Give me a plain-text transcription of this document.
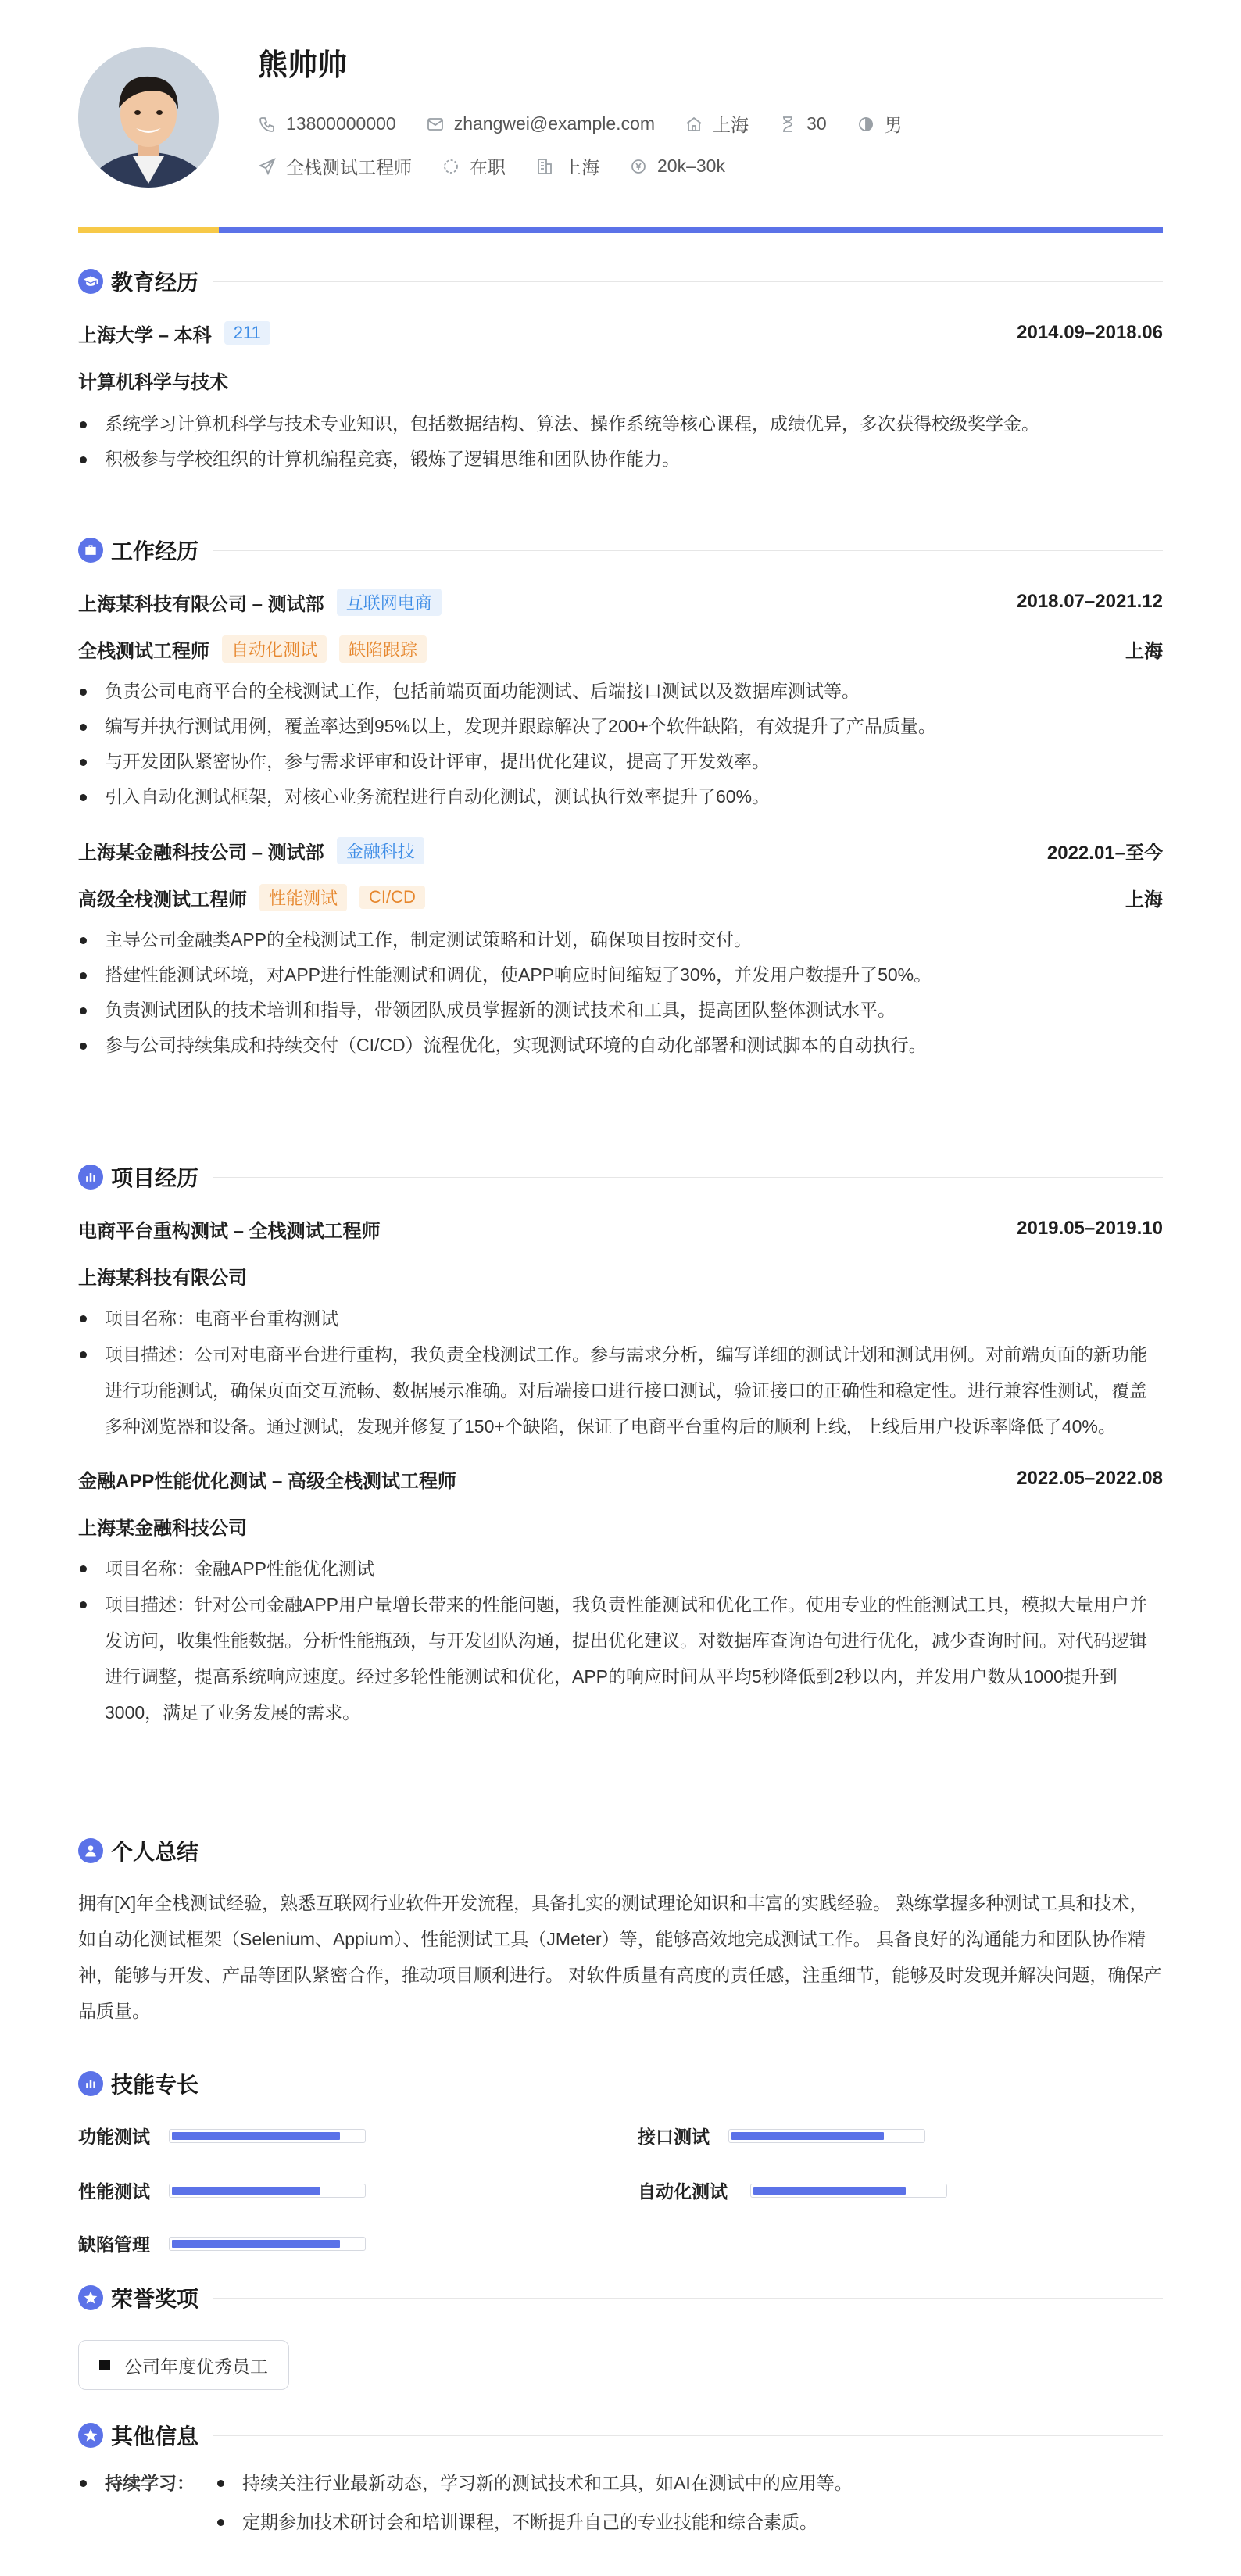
熊帅帅
13800000000	zhangwei@example.com	上海	30	男
全栈测试工程师	在职	上海	20k–30k
教育经历
上海大学 – 本科	211	2014.09–2018.06
计算机科学与技术
系统学习计算机科学与技术专业知识，包括数据结构、算法、操作系统等核心课程，成绩优异，多次获得校级奖学金。
积极参与学校组织的计算机编程竞赛，锻炼了逻辑思维和团队协作能力。
工作经历
上海某科技有限公司 – 测试部	互联网电商	2018.07–2021.12
全栈测试工程师	自动化测试	缺陷跟踪	上海
负责公司电商平台的全栈测试工作，包括前端页面功能测试、后端接口测试以及数据库测试等。
编写并执行测试用例，覆盖率达到95%以上，发现并跟踪解决了200+个软件缺陷，有效提升了产品质量。
与开发团队紧密协作，参与需求评审和设计评审，提出优化建议，提高了开发效率。
引入自动化测试框架，对核心业务流程进行自动化测试，测试执行效率提升了60%。
上海某金融科技公司 – 测试部	金融科技	2022.01–至今
高级全栈测试工程师	性能测试	CI/CD	上海
主导公司金融类APP的全栈测试工作，制定测试策略和计划，确保项目按时交付。
搭建性能测试环境，对APP进行性能测试和调优，使APP响应时间缩短了30%，并发用户数提升了50%。
负责测试团队的技术培训和指导，带领团队成员掌握新的测试技术和工具，提高团队整体测试水平。
参与公司持续集成和持续交付（CI/CD）流程优化，实现测试环境的自动化部署和测试脚本的自动执行。
项目经历
电商平台重构测试 – 全栈测试工程师	2019.05–2019.10
上海某科技有限公司
项目名称：电商平台重构测试
项目描述：公司对电商平台进行重构，我负责全栈测试工作。参与需求分析，编写详细的测试计划和测试用例。对前端页面的新功能进行功能测试，确保页面交互流畅、数据展示准确。对后端接口进行接口测试，验证接口的正确性和稳定性。进行兼容性测试，覆盖多种浏览器和设备。通过测试，发现并修复了150+个缺陷，保证了电商平台重构后的顺利上线，上线后用户投诉率降低了40%。
金融APP性能优化测试 – 高级全栈测试工程师	2022.05–2022.08
上海某金融科技公司
项目名称：金融APP性能优化测试
项目描述：针对公司金融APP用户量增长带来的性能问题，我负责性能测试和优化工作。使用专业的性能测试工具，模拟大量用户并发访问，收集性能数据。分析性能瓶颈，与开发团队沟通，提出优化建议。对数据库查询语句进行优化，减少查询时间。对代码逻辑进行调整，提高系统响应速度。经过多轮性能测试和优化，APP的响应时间从平均5秒降低到2秒以内，并发用户数从1000提升到3000，满足了业务发展的需求。
个人总结
拥有[X]年全栈测试经验，熟悉互联网行业软件开发流程，具备扎实的测试理论知识和丰富的实践经验。 熟练掌握多种测试工具和技术，如自动化测试框架（Selenium、Appium）、性能测试工具（JMeter）等，能够高效地完成测试工作。 具备良好的沟通能力和团队协作精神，能够与开发、产品等团队紧密合作，推动项目顺利进行。 对软件质量有高度的责任感，注重细节，能够及时发现并解决问题，确保产品质量。
技能专长
功能测试	接口测试
性能测试	自动化测试
缺陷管理
荣誉奖项
公司年度优秀员工
其他信息
持续学习：	持续关注行业最新动态，学习新的测试技术和工具，如AI在测试中的应用等。
定期参加技术研讨会和培训课程，不断提升自己的专业技能和综合素质。
